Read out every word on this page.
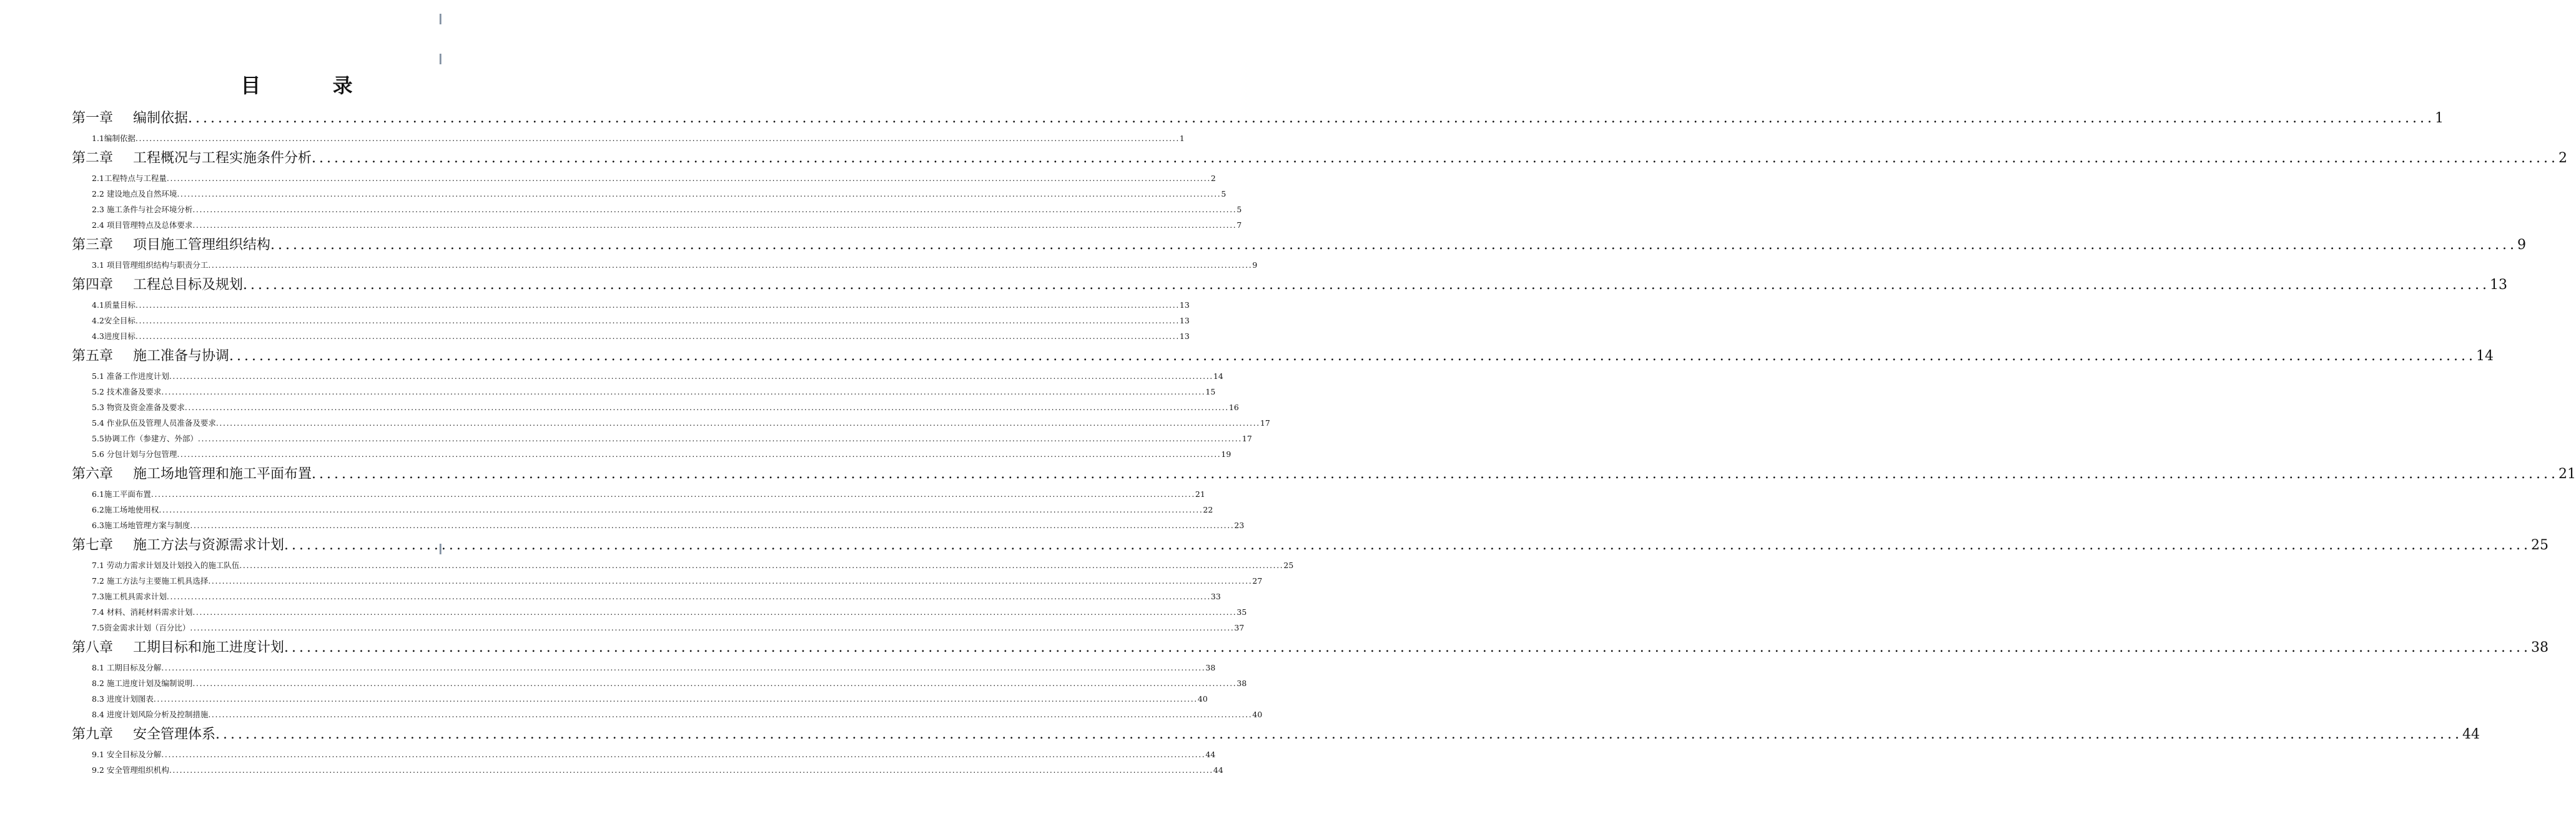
目 录
第一章 编制依据 ............................................................................................................................................................................................................................................................................................................ 1
1.1编制依据 ............................................................................................................................................................................................................................................................................................................ 1
第二章 工程概况与工程实施条件分析 ............................................................................................................................................................................................................................................................................................................ 2
2.1工程特点与工程量 ............................................................................................................................................................................................................................................................................................................ 2
2.2 建设地点及自然环境 ............................................................................................................................................................................................................................................................................................................ 5
2.3 施工条件与社会环境分析 ............................................................................................................................................................................................................................................................................................................ 5
2.4 项目管理特点及总体要求 ............................................................................................................................................................................................................................................................................................................ 7
第三章 项目施工管理组织结构 ............................................................................................................................................................................................................................................................................................................ 9
3.1 项目管理组织结构与职责分工 ............................................................................................................................................................................................................................................................................................................ 9
第四章 工程总目标及规划 ............................................................................................................................................................................................................................................................................................................ 13
4.1质量目标 ............................................................................................................................................................................................................................................................................................................ 13
4.2安全目标 ............................................................................................................................................................................................................................................................................................................ 13
4.3进度目标 ............................................................................................................................................................................................................................................................................................................ 13
第五章 施工准备与协调 ............................................................................................................................................................................................................................................................................................................ 14
5.1 准备工作进度计划 ............................................................................................................................................................................................................................................................................................................ 14
5.2 技术准备及要求 ............................................................................................................................................................................................................................................................................................................ 15
5.3 物资及资金准备及要求 ............................................................................................................................................................................................................................................................................................................ 16
5.4 作业队伍及管理人员准备及要求 ............................................................................................................................................................................................................................................................................................................ 17
5.5协调工作（参建方、外部） ............................................................................................................................................................................................................................................................................................................ 17
5.6 分包计划与分包管理 ............................................................................................................................................................................................................................................................................................................ 19
第六章 施工场地管理和施工平面布置 ............................................................................................................................................................................................................................................................................................................ 21
6.1施工平面布置 ............................................................................................................................................................................................................................................................................................................ 21
6.2施工场地使用权 ............................................................................................................................................................................................................................................................................................................ 22
6.3施工场地管理方案与制度 ............................................................................................................................................................................................................................................................................................................ 23
第七章 施工方法与资源需求计划 ............................................................................................................................................................................................................................................................................................................ 25
7.1 劳动力需求计划及计划投入的施工队伍 ............................................................................................................................................................................................................................................................................................................ 25
7.2 施工方法与主要施工机具选择 ............................................................................................................................................................................................................................................................................................................ 27
7.3施工机具需求计划 ............................................................................................................................................................................................................................................................................................................ 33
7.4 材料、消耗材料需求计划 ............................................................................................................................................................................................................................................................................................................ 35
7.5资金需求计划（百分比） ............................................................................................................................................................................................................................................................................................................ 37
第八章 工期目标和施工进度计划 ............................................................................................................................................................................................................................................................................................................ 38
8.1 工期目标及分解 ............................................................................................................................................................................................................................................................................................................ 38
8.2 施工进度计划及编制说明 ............................................................................................................................................................................................................................................................................................................ 38
8.3 进度计划图表 ............................................................................................................................................................................................................................................................................................................ 40
8.4 进度计划风险分析及控制措施 ............................................................................................................................................................................................................................................................................................................ 40
第九章 安全管理体系 ............................................................................................................................................................................................................................................................................................................ 44
9.1 安全目标及分解 ............................................................................................................................................................................................................................................................................................................ 44
9.2 安全管理组织机构 ............................................................................................................................................................................................................................................................................................................ 44
